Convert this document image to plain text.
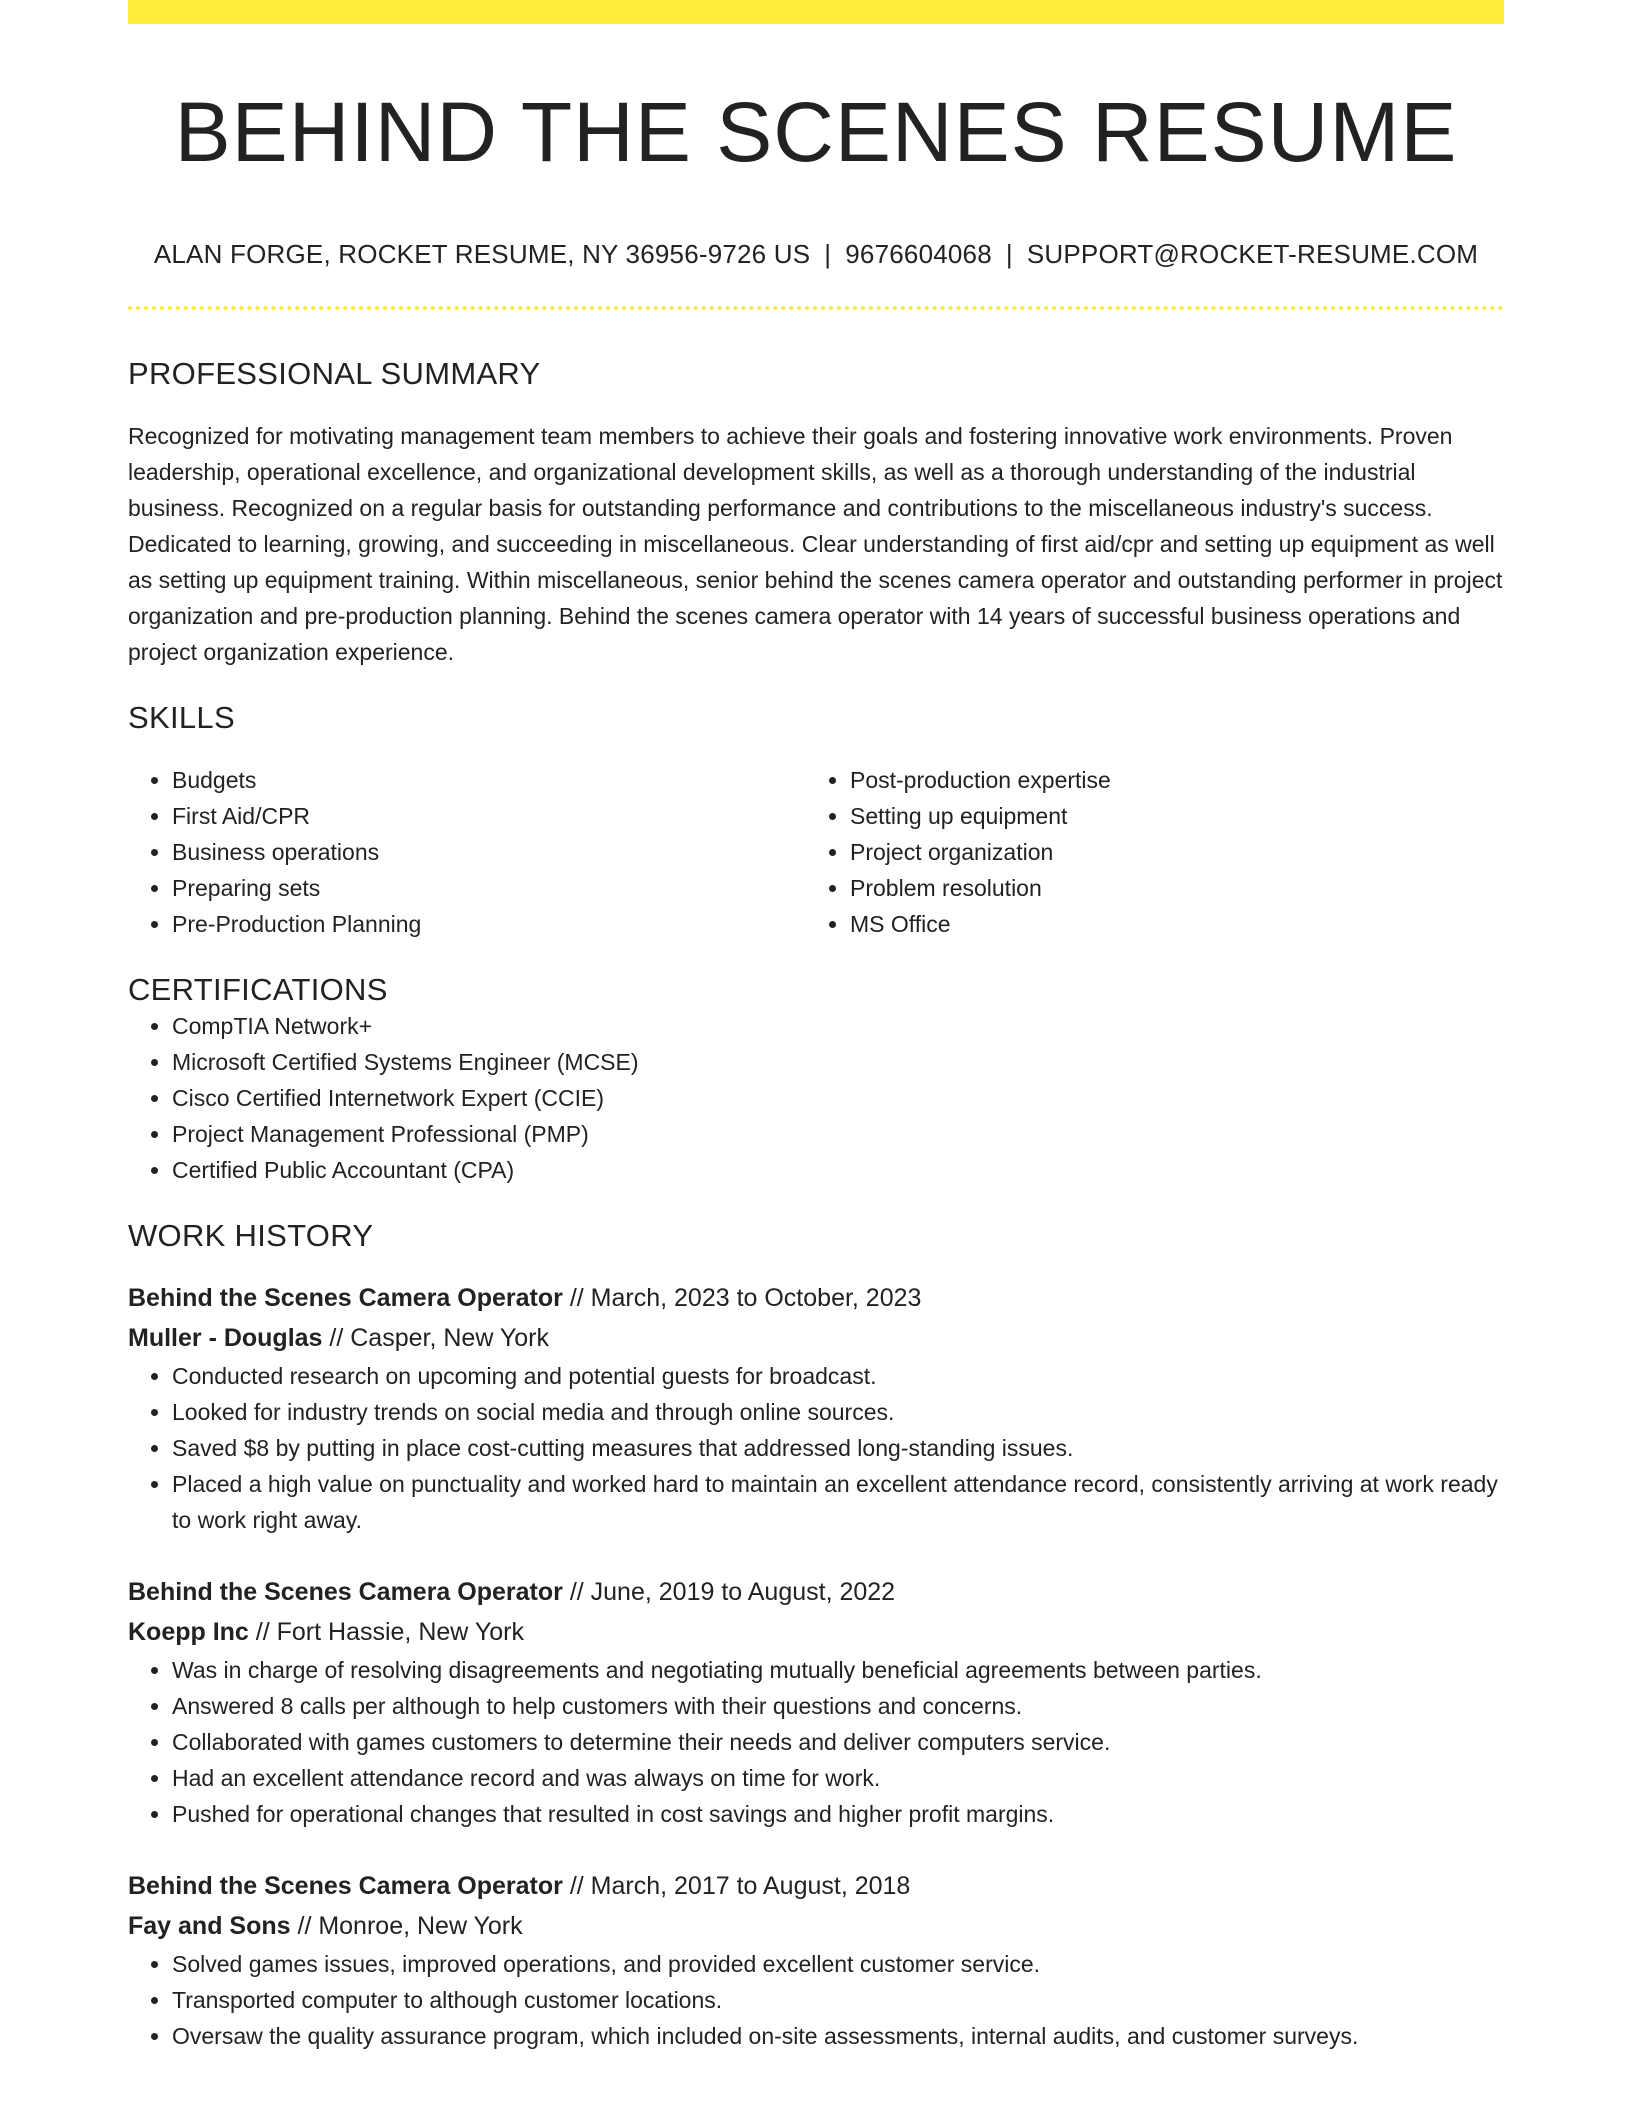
BEHIND THE SCENES RESUME
ALAN FORGE, ROCKET RESUME, NY 36956-9726 US | 9676604068 | SUPPORT@ROCKET-RESUME.COM
PROFESSIONAL SUMMARY

Recognized for motivating management team members to achieve their goals and fostering innovative work environments. Proven leadership, operational excellence, and organizational development skills, as well as a thorough understanding of the industrial business. Recognized on a regular basis for outstanding performance and contributions to the miscellaneous industry's success. Dedicated to learning, growing, and succeeding in miscellaneous. Clear understanding of first aid/cpr and setting up equipment as well as setting up equipment training. Within miscellaneous, senior behind the scenes camera operator and outstanding performer in project organization and pre-production planning. Behind the scenes camera operator with 14 years of successful business operations and project organization experience.

SKILLS
• Budgets
• First Aid/CPR
• Business operations
• Preparing sets
• Pre-Production Planning
• Post-production expertise
• Setting up equipment
• Project organization
• Problem resolution
• MS Office
CERTIFICATIONS
• CompTIA Network+
• Microsoft Certified Systems Engineer (MCSE)
• Cisco Certified Internetwork Expert (CCIE)
• Project Management Professional (PMP)
• Certified Public Accountant (CPA)
WORK HISTORY
Behind the Scenes Camera Operator // March, 2023 to October, 2023
Muller - Douglas // Casper, New York
• Conducted research on upcoming and potential guests for broadcast.
• Looked for industry trends on social media and through online sources.
• Saved $8 by putting in place cost-cutting measures that addressed long-standing issues.
• Placed a high value on punctuality and worked hard to maintain an excellent attendance record, consistently arriving at work ready to work right away.
Behind the Scenes Camera Operator // June, 2019 to August, 2022
Koepp Inc // Fort Hassie, New York
• Was in charge of resolving disagreements and negotiating mutually beneficial agreements between parties.
• Answered 8 calls per although to help customers with their questions and concerns.
• Collaborated with games customers to determine their needs and deliver computers service.
• Had an excellent attendance record and was always on time for work.
• Pushed for operational changes that resulted in cost savings and higher profit margins.
Behind the Scenes Camera Operator // March, 2017 to August, 2018
Fay and Sons // Monroe, New York
• Solved games issues, improved operations, and provided excellent customer service.
• Transported computer to although customer locations.
• Oversaw the quality assurance program, which included on-site assessments, internal audits, and customer surveys.
